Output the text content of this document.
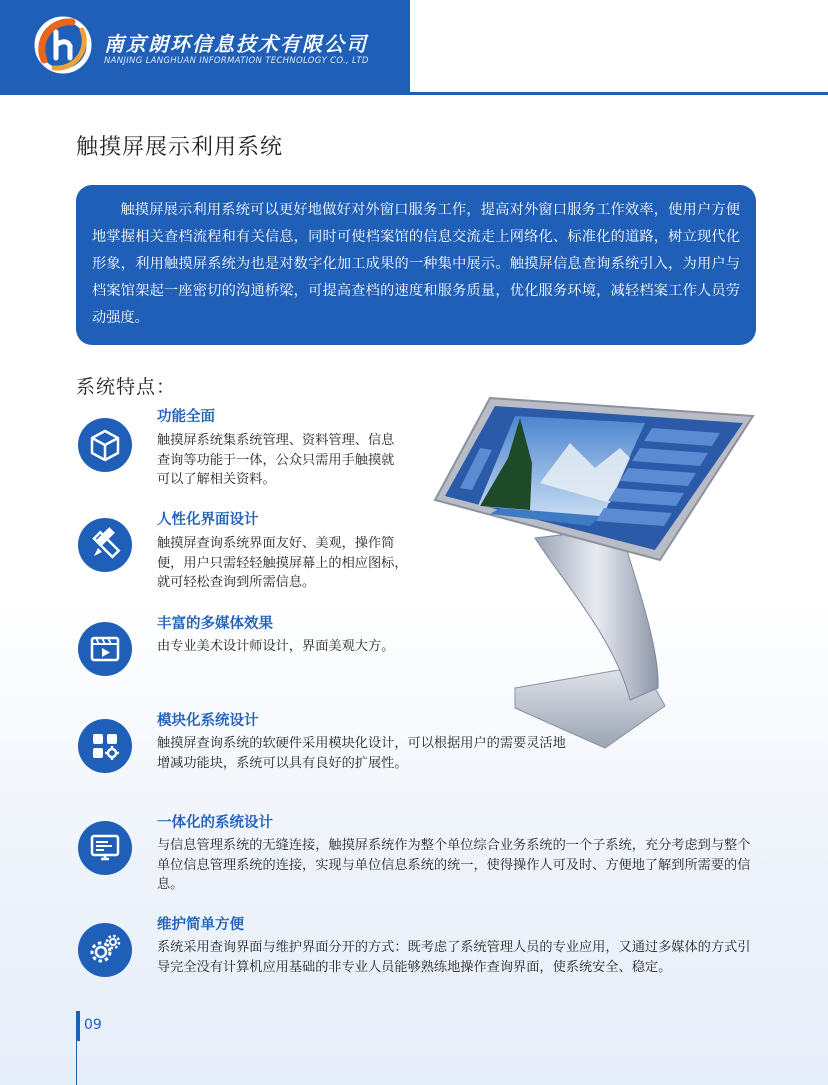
南京朗环信息技术有限公司
NANJING LANGHUAN INFORMATION TECHNOLOGY CO., LTD
触摸屏展示利用系统
触摸屏展示利用系统可以更好地做好对外窗口服务工作，提高对外窗口服务工作效率，使用户方便地掌握相关查档流程和有关信息，同时可使档案馆的信息交流走上网络化、标准化的道路，树立现代化形象，利用触摸屏系统为也是对数字化加工成果的一种集中展示。触摸屏信息查询系统引入，为用户与档案馆架起一座密切的沟通桥梁，可提高查档的速度和服务质量，优化服务环境，减轻档案工作人员劳动强度。
系统特点：
功能全面
触摸屏系统集系统管理、资料管理、信息查询等功能于一体，公众只需用手触摸就可以了解相关资料。
人性化界面设计
触摸屏查询系统界面友好、美观，操作简便，用户只需轻轻触摸屏幕上的相应图标，就可轻松查询到所需信息。
丰富的多媒体效果
由专业美术设计师设计，界面美观大方。
模块化系统设计
触摸屏查询系统的软硬件采用模块化设计，可以根据用户的需要灵活地增减功能块，系统可以具有良好的扩展性。
一体化的系统设计
与信息管理系统的无缝连接，触摸屏系统作为整个单位综合业务系统的一个子系统，充分考虑到与整个单位信息管理系统的连接，实现与单位信息系统的统一，使得操作人可及时、方便地了解到所需要的信息。
维护简单方便
系统采用查询界面与维护界面分开的方式：既考虑了系统管理人员的专业应用，又通过多媒体的方式引导完全没有计算机应用基础的非专业人员能够熟练地操作查询界面，使系统安全、稳定。
09
